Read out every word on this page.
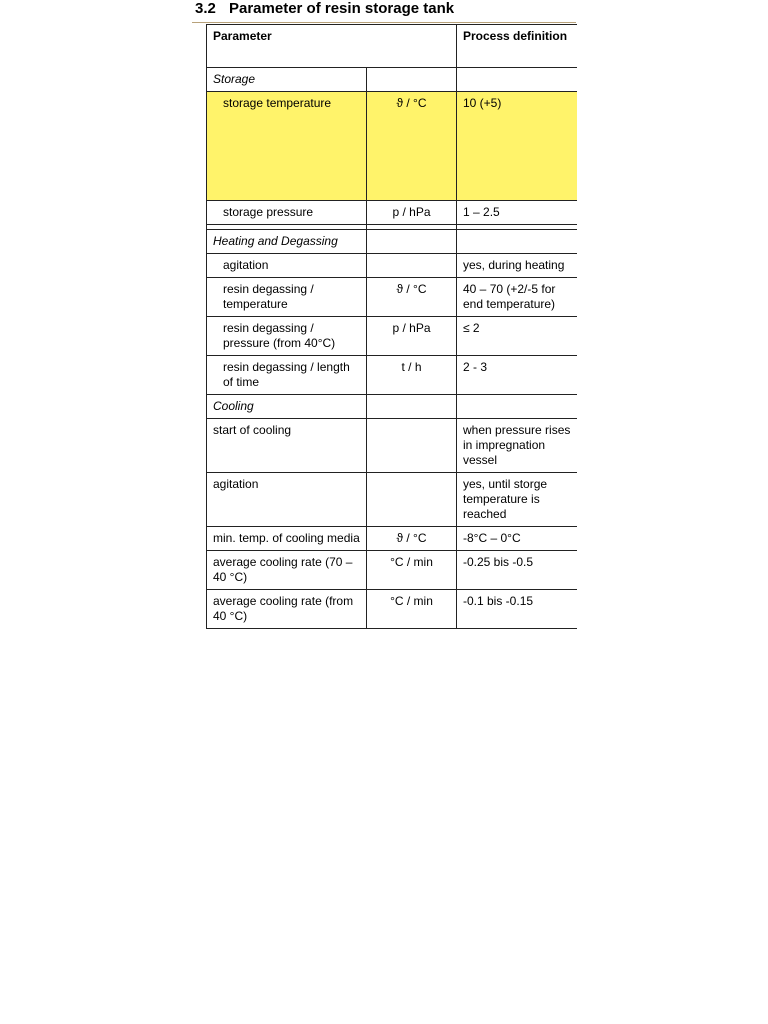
3.2 Parameter of resin storage tank
Parameter		Process definition
Storage		
storage temperature	ϑ / °C	10 (+5)
storage pressure	p / hPa	1 – 2.5

Heating and Degassing		
agitation		yes, during heating
resin degassing / temperature	ϑ / °C	40 – 70 (+2/-5 for end temperature)
resin degassing / pressure (from 40°C)	p / hPa	≤ 2
resin degassing / length of time	t / h	2 - 3
Cooling		
start of cooling		when pressure rises in impregnation vessel
agitation		yes, until storge temperature is reached
min. temp. of cooling media	ϑ / °C	-8°C – 0°C
average cooling rate (70 – 40 °C)	°C / min	-0.25 bis -0.5
average cooling rate (from 40 °C)	°C / min	-0.1 bis -0.15
